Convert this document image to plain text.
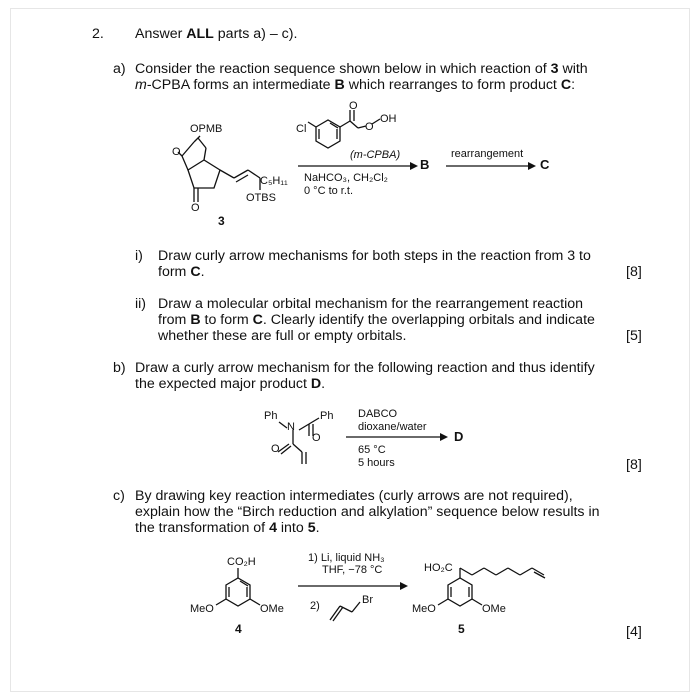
2. Answer ALL parts a) – c).
a) Consider the reaction sequence shown below in which reaction of 3 with
m-CPBA forms an intermediate B which rearranges to form product C:
OPMB
O
O
C₅H₁₁
OTBS
3
Cl
O
O
OH
(m-CPBA)
NaHCO₃, CH₂Cl₂
0 °C to r.t.
B
rearrangement
C
i) Draw curly arrow mechanisms for both steps in the reaction from 3 to
form C.	[8]
ii) Draw a molecular orbital mechanism for the rearrangement reaction
from B to form C. Clearly identify the overlapping orbitals and indicate
whether these are full or empty orbitals.	[5]
b) Draw a curly arrow mechanism for the following reaction and thus identify
the expected major product D.
Ph
N
Ph
O
O
DABCO
dioxane/water
65 °C
5 hours
D
[8]
c) By drawing key reaction intermediates (curly arrows are not required),
explain how the “Birch reduction and alkylation” sequence below results in
the transformation of 4 into 5.
CO₂H
MeO	OMe
4
1) Li, liquid NH₃
THF, −78 °C
2)	Br
HO₂C
MeO	OMe
5	[4]
